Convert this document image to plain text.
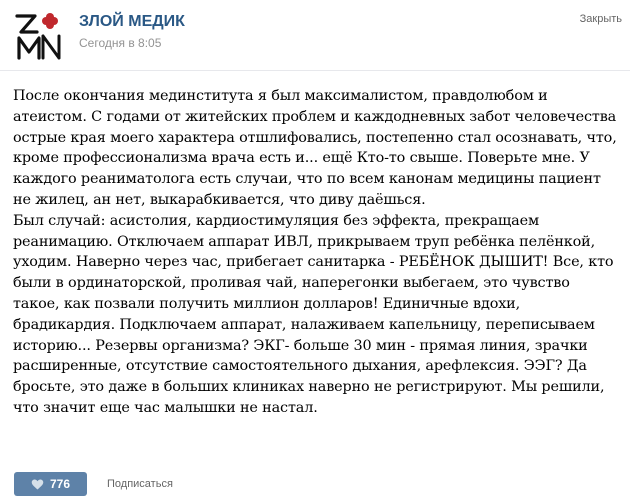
ЗЛОЙ МЕДИК
Сегодня в 8:05
Закрыть

После окончания мединститута я был максималистом, правдолюбом и атеистом. С годами от житейских проблем и каждодневных забот человечества острые края моего характера отшлифовались, постепенно стал осознавать, что, кроме профессионализма врача есть и... ещё Кто-то свыше. Поверьте мне. У каждого реаниматолога есть случаи, что по всем канонам медицины пациент не жилец, ан нет, выкарабкивается, что диву даёшься.

Был случай: асистолия, кардиостимуляция без эффекта, прекращаем реанимацию. Отключаем аппарат ИВЛ, прикрываем труп ребёнка пелёнкой, уходим. Наверно через час, прибегает санитарка - РЕБЁНОК ДЫШИТ! Все, кто были в ординаторской, проливая чай, наперегонки выбегаем, это чувство такое, как позвали получить миллион долларов! Единичные вдохи, брадикардия. Подключаем аппарат, налаживаем капельницу, переписываем историю... Резервы организма? ЭКГ- больше 30 мин - прямая линия, зрачки расширенные, отсутствие самостоятельного дыхания, арефлексия. ЭЭГ? Да бросьте, это даже в больших клиниках наверно не регистрируют. Мы решили, что значит еще час малышки не настал.

776	Подписаться
